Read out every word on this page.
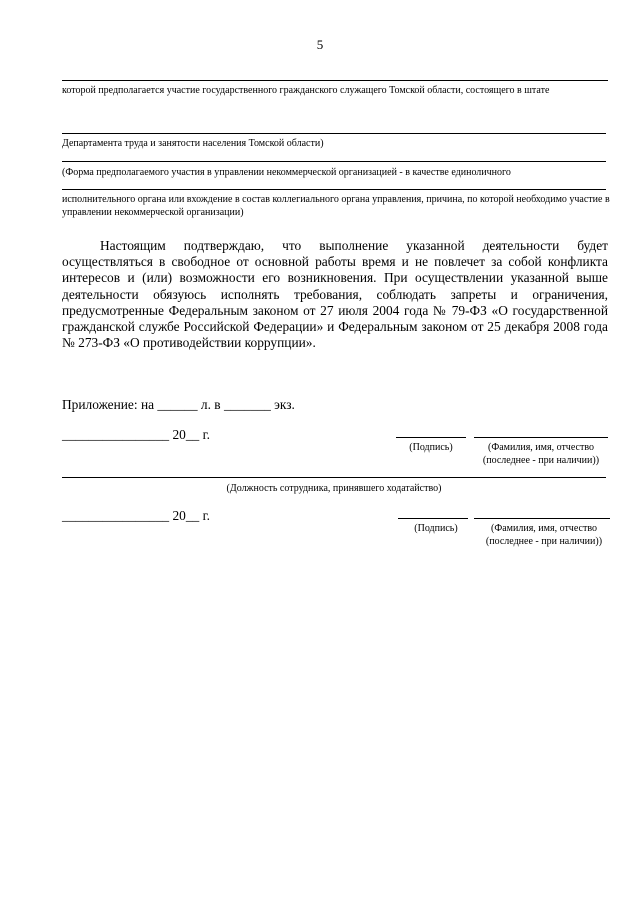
5
которой предполагается участие государственного гражданского служащего Томской области, состоящего в штате
Департамента труда и занятости населения Томской области)
(Форма предполагаемого участия в управлении некоммерческой организацией - в качестве единоличного
исполнительного органа или вхождение в состав коллегиального органа управления, причина, по которой необходимо участие в управлении некоммерческой организации)
Настоящим подтверждаю, что выполнение указанной деятельности будет осуществляться в свободное от основной работы время и не повлечет за собой конфликта интересов и (или) возможности его возникновения. При осуществлении указанной выше деятельности обязуюсь исполнять требования, соблюдать запреты и ограничения, предусмотренные Федеральным законом от 27 июля 2004 года № 79-ФЗ «О государственной гражданской службе Российской Федерации» и Федеральным законом от 25 декабря 2008 года № 273-ФЗ «О противодействии коррупции».
Приложение: на ______ л. в _______ экз.
________________ 20__ г.
(Подпись)	(Фамилия, имя, отчество (последнее - при наличии))
(Должность сотрудника, принявшего ходатайство)
________________ 20__ г.
(Подпись)	(Фамилия, имя, отчество (последнее - при наличии))
